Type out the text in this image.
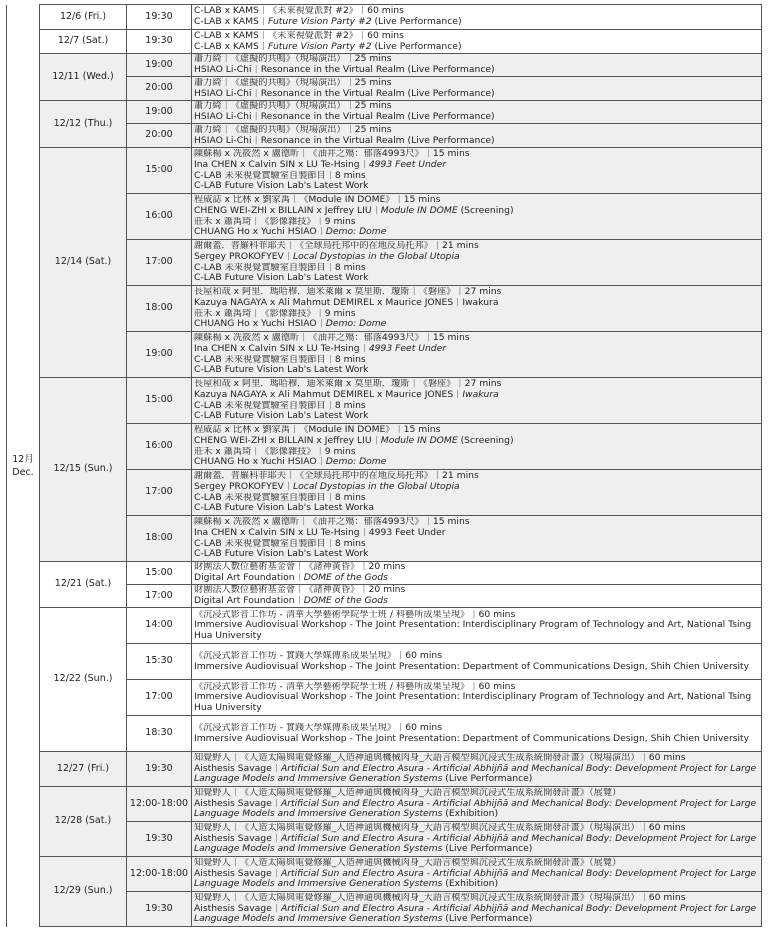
12月
Dec.	12/6 (Fri.)	19:30	C-LAB x KAMS｜《未來視覺派對 #2》｜60 mins
C-LAB x KAMS｜Future Vision Party #2 (Live Performance)

	12/7 (Sat.)	19:30	C-LAB x KAMS｜《未來視覺派對 #2》｜60 mins
C-LAB x KAMS｜Future Vision Party #2 (Live Performance)

	12/11 (Wed.)	19:00	蕭力綺｜《虛擬的共鳴》（現場演出）｜25 mins
HSIAO Li-Chi｜Resonance in the Virtual Realm (Live Performance)

		20:00	蕭力綺｜《虛擬的共鳴》（現場演出）｜25 mins
HSIAO Li-Chi｜Resonance in the Virtual Realm (Live Performance)

	12/12 (Thu.)	19:00	蕭力綺｜《虛擬的共鳴》（現場演出）｜25 mins
HSIAO Li-Chi｜Resonance in the Virtual Realm (Live Performance)

		20:00	蕭力綺｜《虛擬的共鳴》（現場演出）｜25 mins
HSIAO Li-Chi｜Resonance in the Virtual Realm (Live Performance)

	12/14 (Sat.)	15:00	陳蘇楊 x 冼筱然 x 盧德昕｜《油井之殤：郁落4993尺》｜15 mins
Ina CHEN x Calvin SIN x LU Te-Hsing｜4993 Feet Under
C-LAB 未來視覺實驗室自製節目｜8 mins
C-LAB Future Vision Lab's Latest Work

		16:00	程威誌 x 比林 x 劉家禹｜《Module IN DOME》｜15 mins
CHENG WEI-ZHI x BILLAIN x Jeffrey LIU｜Module IN DOME (Screening)
莊禾 x 蕭禹琦｜《影像雜技》｜9 mins
CHUANG Ho x Yuchi HSIAO｜Demo: Dome

		17:00	謝爾蓋．普羅科菲耶夫｜《全球烏托邦中的在地反烏托邦》｜21 mins
Sergey PROKOFYEV｜Local Dystopias in the Global Utopia
C-LAB 未來視覺實驗室自製節目｜8 mins
C-LAB Future Vision Lab's Latest Work

		18:00	長屋和哉 x 阿里．瑪哈穆．迪米萊爾 x 莫里斯．瓊斯｜《磐座》｜27 mins
Kazuya NAGAYA x Ali Mahmut DEMIREL x Maurice JONES｜Iwakura
莊禾 x 蕭禹琦｜《影像雜技》｜9 mins
CHUANG Ho x Yuchi HSIAO｜Demo: Dome

		19:00	陳蘇楊 x 冼筱然 x 盧德昕｜《油井之殤：郁落4993尺》｜15 mins
Ina CHEN x Calvin SIN x LU Te-Hsing｜4993 Feet Under
C-LAB 未來視覺實驗室自製節目｜8 mins
C-LAB Future Vision Lab's Latest Work

	12/15 (Sun.)	15:00	長屋和哉 x 阿里．瑪哈穆．迪米萊爾 x 莫里斯．瓊斯｜《磐座》｜27 mins
Kazuya NAGAYA x Ali Mahmut DEMIREL x Maurice JONES｜Iwakura
C-LAB 未來視覺實驗室自製節目｜8 mins
C-LAB Future Vision Lab's Latest Work

		16:00	程威誌 x 比林 x 劉家禹｜《Module IN DOME》｜15 mins
CHENG WEI-ZHI x BILLAIN x Jeffrey LIU｜Module IN DOME (Screening)
莊禾 x 蕭禹琦｜《影像雜技》｜9 mins
CHUANG Ho x Yuchi HSIAO｜Demo: Dome

		17:00	謝爾蓋．普羅科菲耶夫｜《全球烏托邦中的在地反烏托邦》｜21 mins
Sergey PROKOFYEV｜Local Dystopias in the Global Utopia
C-LAB 未來視覺實驗室自製節目｜8 mins
C-LAB Future Vision Lab's Latest Worka

		18:00	陳蘇楊 x 冼筱然 x 盧德昕｜《油井之殤：郁落4993尺》｜15 mins
Ina CHEN x Calvin SIN x LU Te-Hsing｜4993 Feet Under
C-LAB 未來視覺實驗室自製節目｜8 mins
C-LAB Future Vision Lab's Latest Work

	12/21 (Sat.)	15:00	財團法人數位藝術基金會｜《諸神黃昏》｜20 mins
Digital Art Foundation｜DOME of the Gods

		17:00	財團法人數位藝術基金會｜《諸神黃昏》｜20 mins
Digital Art Foundation｜DOME of the Gods

	12/22 (Sun.)	14:00	《沉浸式影音工作坊 - 清華大學藝術學院學士班 / 科藝所成果呈現》｜60 mins
Immersive Audiovisual Workshop - The Joint Presentation: Interdisciplinary Program of Technology and Art, National Tsing Hua University

		15:30	《沉浸式影音工作坊 - 實踐大學媒傳系成果呈現》｜60 mins
Immersive Audiovisual Workshop - The Joint Presentation: Department of Communications Design, Shih Chien University

		17:00	《沉浸式影音工作坊 - 清華大學藝術學院學士班 / 科藝所成果呈現》｜60 mins
Immersive Audiovisual Workshop - The Joint Presentation: Interdisciplinary Program of Technology and Art, National Tsing Hua University

		18:30	《沉浸式影音工作坊 - 實踐大學媒傳系成果呈現》｜60 mins
Immersive Audiovisual Workshop - The Joint Presentation: Department of Communications Design, Shih Chien University

	12/27 (Fri.)	19:30	知覺野人｜《人造太陽與電覺修羅_人造神通與機械肉身_大語言模型與沉浸式生成系統開發計畫》（現場演出）｜60 mins
Aisthesis Savage｜Artificial Sun and Electro Asura - Artificial Abhijñā and Mechanical Body: Development Project for Large
Language Models and Immersive Generation Systems (Live Performance)

	12/28 (Sat.)	12:00-18:00	知覺野人｜《人造太陽與電覺修羅_人造神通與機械肉身_大語言模型與沉浸式生成系統開發計畫》（展覽）
Aisthesis Savage｜Artificial Sun and Electro Asura - Artificial Abhijñā and Mechanical Body: Development Project for Large
Language Models and Immersive Generation Systems (Exhibition)

		19:30	知覺野人｜《人造太陽與電覺修羅_人造神通與機械肉身_大語言模型與沉浸式生成系統開發計畫》（現場演出）｜60 mins
Aisthesis Savage｜Artificial Sun and Electro Asura - Artificial Abhijñā and Mechanical Body: Development Project for Large
Language Models and Immersive Generation Systems (Live Performance)

	12/29 (Sun.)	12:00-18:00	知覺野人｜《人造太陽與電覺修羅_人造神通與機械肉身_大語言模型與沉浸式生成系統開發計畫》（展覽）
Aisthesis Savage｜Artificial Sun and Electro Asura - Artificial Abhijñā and Mechanical Body: Development Project for Large
Language Models and Immersive Generation Systems (Exhibition)

		19:30	知覺野人｜《人造太陽與電覺修羅_人造神通與機械肉身_大語言模型與沉浸式生成系統開發計畫》（現場演出）｜60 mins
Aisthesis Savage｜Artificial Sun and Electro Asura - Artificial Abhijñā and Mechanical Body: Development Project for Large
Language Models and Immersive Generation Systems (Live Performance)
